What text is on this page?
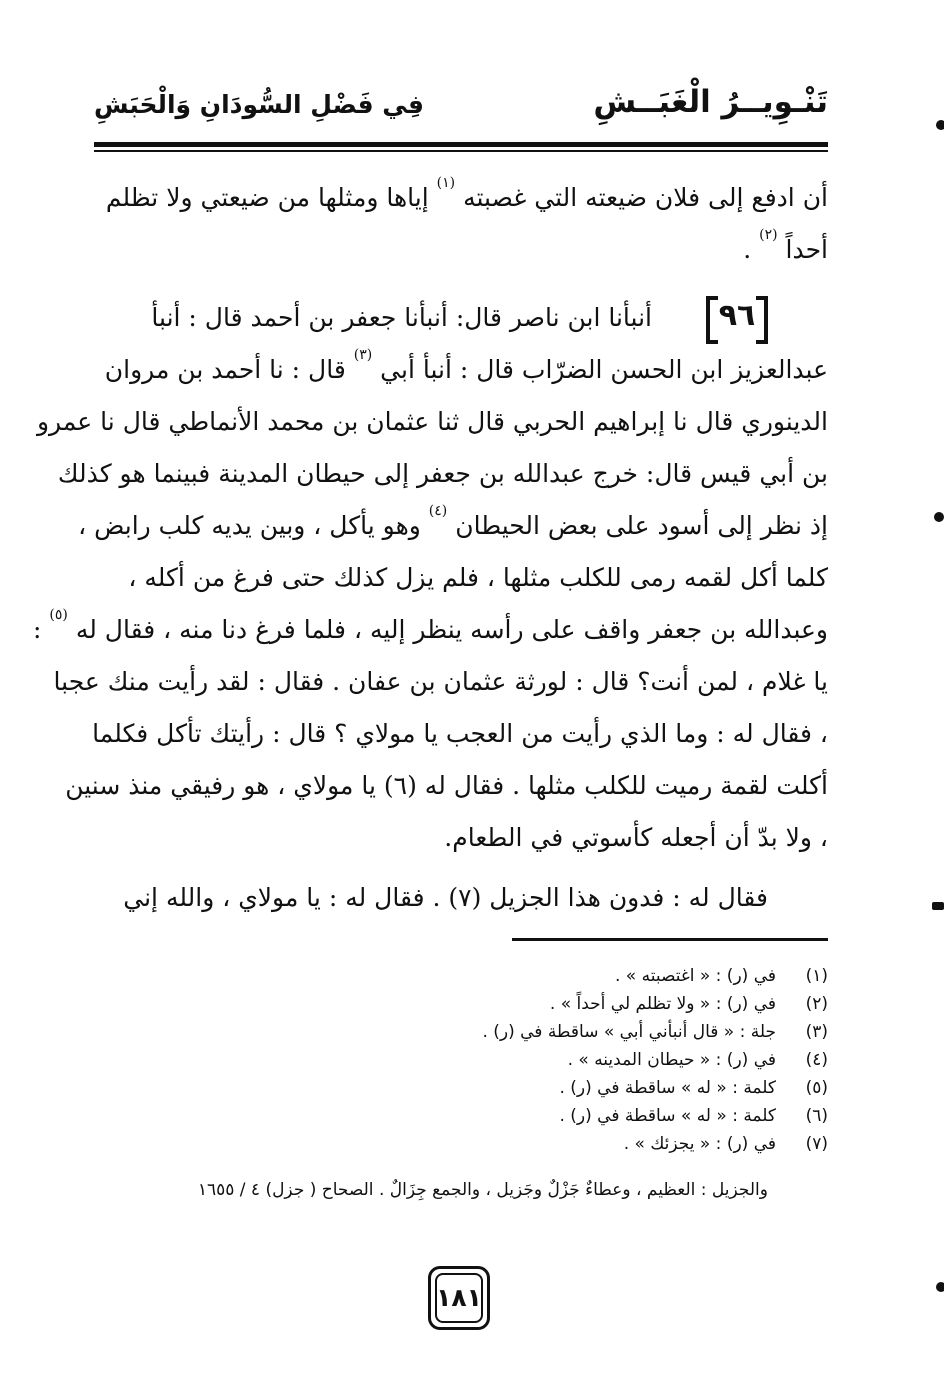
تَنْـوِيــرُ الْغَبَــشِ
فِي فَضْلِ السُّودَانِ وَالْحَبَشِ
أن ادفع إلى فلان ضيعته التي غصبته $^{(١)}$ إياها ومثلها من ضيعتي ولا تظلم
أحداً $^{(٢)}$ .
٩٦
أنبأنا ابن ناصر قال: أنبأنا جعفر بن أحمد قال : أنبأ
عبدالعزيز ابن الحسن الضرّاب قال : أنبأ أبي $^{(٣)}$ قال : نا أحمد بن مروان
الدينوري قال نا إبراهيم الحربي قال ثنا عثمان بن محمد الأنماطي قال نا عمرو
بن أبي قيس قال: خرج عبدالله بن جعفر إلى حيطان المدينة فبينما هو كذلك
إذ نظر إلى أسود على بعض الحيطان $^{(٤)}$ وهو يأكل ، وبين يديه كلب رابض ،
كلما أكل لقمه رمى للكلب مثلها ، فلم يزل كذلك حتى فرغ من أكله ،
وعبدالله بن جعفر واقف على رأسه ينظر إليه ، فلما فرغ دنا منه ، فقال له $^{(٥)}$ :
يا غلام ، لمن أنت؟ قال : لورثة عثمان بن عفان . فقال : لقد رأيت منك عجبا
، فقال له : وما الذي رأيت من العجب يا مولاي ؟ قال : رأيتك تأكل فكلما
أكلت لقمة رميت للكلب مثلها . فقال له (٦) يا مولاي ، هو رفيقي منذ سنين
، ولا بدّ أن أجعله كأسوتي في الطعام.
فقال له : فدون هذا الجزيل (٧) . فقال له : يا مولاي ، والله إني
(١)
في (ر) : « اغتصبته » .
(٢)
في (ر) : « ولا تظلم لي أحداً » .
(٣)
جلة : « قال أنبأني أبي » ساقطة في (ر) .
(٤)
في (ر) : « حيطان المدينه » .
(٥)
كلمة : « له » ساقطة في (ر) .
(٦)
كلمة : « له » ساقطة في (ر) .
(٧)
في (ر) : « يجزئك » .
والجزيل : العظيم ، وعطاءٌ جَزْلٌ وجَزيل ، والجمع جِزَالٌ . الصحاح ( جزل) ٤ / ١٦٥٥
١٨١
